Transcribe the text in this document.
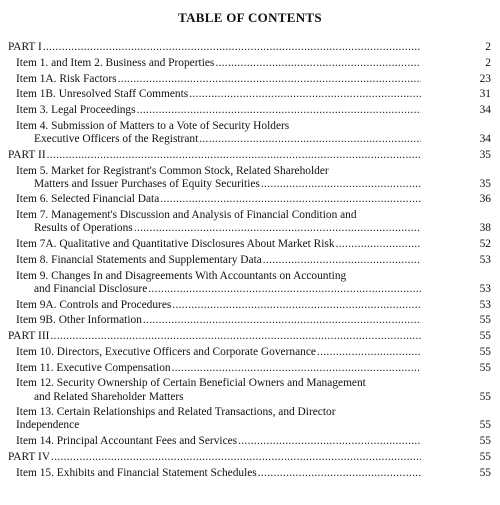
TABLE OF CONTENTS
PART I .....	2
Item 1. and Item 2. Business and Properties .....	2
Item 1A. Risk Factors .....	23
Item 1B. Unresolved Staff Comments .....	31
Item 3. Legal Proceedings .....	34
Item 4. Submission of Matters to a Vote of Security Holders
Executive Officers of the Registrant .....	34
PART II .....	35
Item 5. Market for Registrant's Common Stock, Related Shareholder
Matters and Issuer Purchases of Equity Securities .....	35
Item 6. Selected Financial Data .....	36
Item 7. Management's Discussion and Analysis of Financial Condition and
Results of Operations .....	38
Item 7A. Qualitative and Quantitative Disclosures About Market Risk .....	52
Item 8. Financial Statements and Supplementary Data .....	53
Item 9. Changes In and Disagreements With Accountants on Accounting
and Financial Disclosure .....	53
Item 9A. Controls and Procedures .....	53
Item 9B. Other Information .....	55
PART III .....	55
Item 10. Directors, Executive Officers and Corporate Governance .....	55
Item 11. Executive Compensation .....	55
Item 12. Security Ownership of Certain Beneficial Owners and Management
and Related Shareholder Matters	55
Item 13. Certain Relationships and Related Transactions, and Director
Independence	55
Item 14. Principal Accountant Fees and Services .....	55
PART IV .....	55
Item 15. Exhibits and Financial Statement Schedules .....	55
